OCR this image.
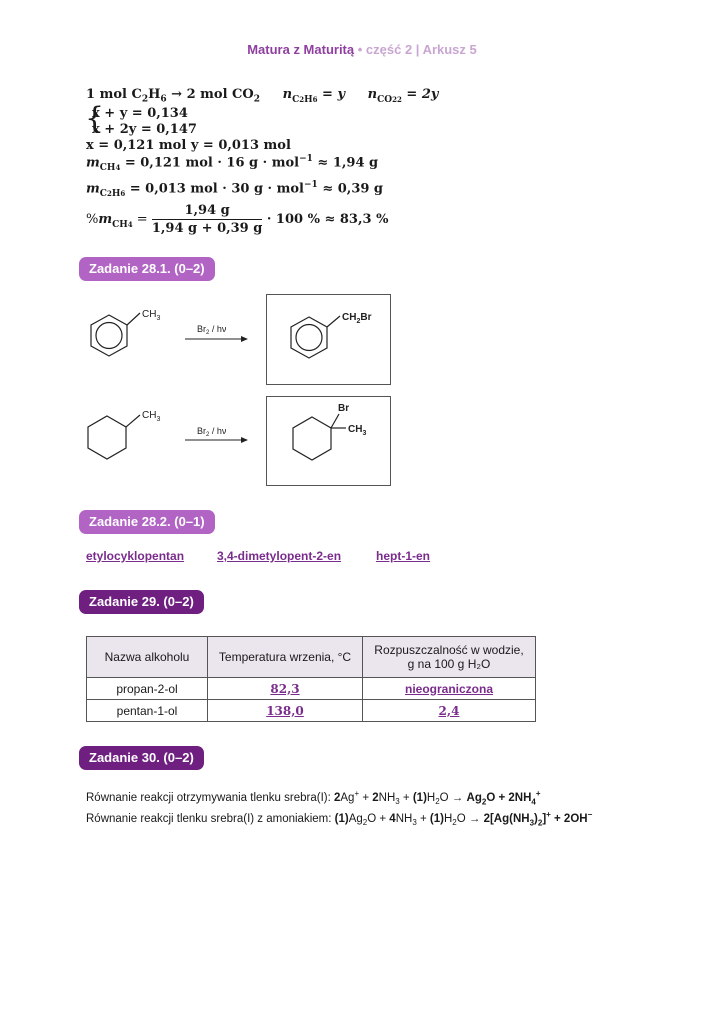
Matura z Maturitą • część 2 | Arkusz 5
1 mol $C_2H_6 \to 2$ mol $CO_2$ $n_{C2H6} = y$ $n_{CO22} = 2y$
{
x + y = 0,134
x + 2y = 0,147
x = 0,121 mol y = 0,013 mol
$m_{CH4} = 0,121$ mol · 16 g · mol$^{-1}$ ≈ 1,94 g
$m_{C2H6} = 0,013$ mol · 30 g · mol$^{-1}$ ≈ 0,39 g
$\%m_{CH4} = \frac{1,94 g}{1,94 g + 0,39 g} \cdot 100$ % ≈ 83,3 %
Zadanie 28.1. (0–2)
$CH_3$
$Br_2$ / hν
$CH_2Br$
$CH_3$
$Br_2$ / hν
Br
$CH_3$
Zadanie 28.2. (0–1)
etylocyklopentan	3,4-dimetylopent-2-en	hept-1-en
Zadanie 29. (0–2)
Nazwa alkoholu	Temperatura wrzenia, °C	Rozpuszczalność w wodzie,
g na 100 g H₂O
propan-2-ol	82,3	nieograniczona
pentan-1-ol	138,0	2,4
Zadanie 30. (0–2)
Równanie reakcji otrzymywania tlenku srebra(I): $2Ag^+ + 2NH_3 + (1)H_2O \to Ag_2O + 2NH_4^+$
Równanie reakcji tlenku srebra(I) z amoniakiem: $(1)Ag_2O + 4NH_3 + (1)H_2O \to 2[Ag(NH_3)_2]^+ + 2OH^-$
